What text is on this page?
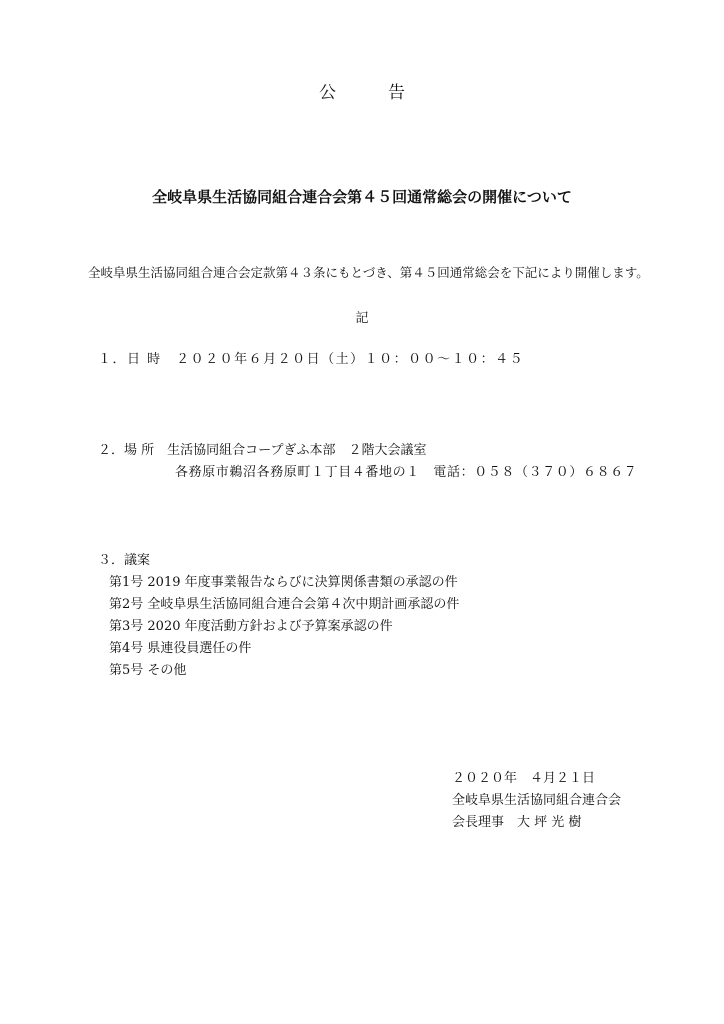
公告
全岐阜県生活協同組合連合会第４５回通常総会の開催について
全岐阜県生活協同組合連合会定款第４３条にもとづき、第４５回通常総会を下記により開催します。
記
１．日 時　２０２０年６月２０日（土）１０：００〜１０：４５
２．場 所　生活協同組合コープぎふ本部　２階大会議室
各務原市鵜沼各務原町１丁目４番地の１　電話：０５８（３７０）６８６７
３．議案
第1号 2019 年度事業報告ならびに決算関係書類の承認の件
第2号 全岐阜県生活協同組合連合会第４次中期計画承認の件
第3号 2020 年度活動方針および予算案承認の件
第4号 県連役員選任の件
第5号 その他
２０２０年　４月２１日
全岐阜県生活協同組合連合会
会長理事　大 坪 光 樹
